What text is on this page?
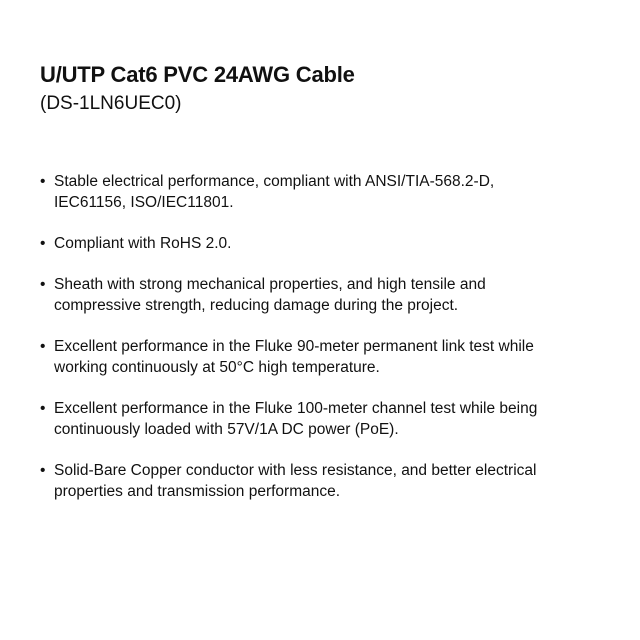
U/UTP Cat6 PVC 24AWG Cable
(DS-1LN6UEC0)
• Stable electrical performance, compliant with ANSI/TIA-568.2-D,
IEC61156, ISO/IEC11801.
• Compliant with RoHS 2.0.
• Sheath with strong mechanical properties, and high tensile and
compressive strength, reducing damage during the project.
• Excellent performance in the Fluke 90-meter permanent link test while
working continuously at 50°C high temperature.
• Excellent performance in the Fluke 100-meter channel test while being
continuously loaded with 57V/1A DC power (PoE).
• Solid-Bare Copper conductor with less resistance, and better electrical
properties and transmission performance.
